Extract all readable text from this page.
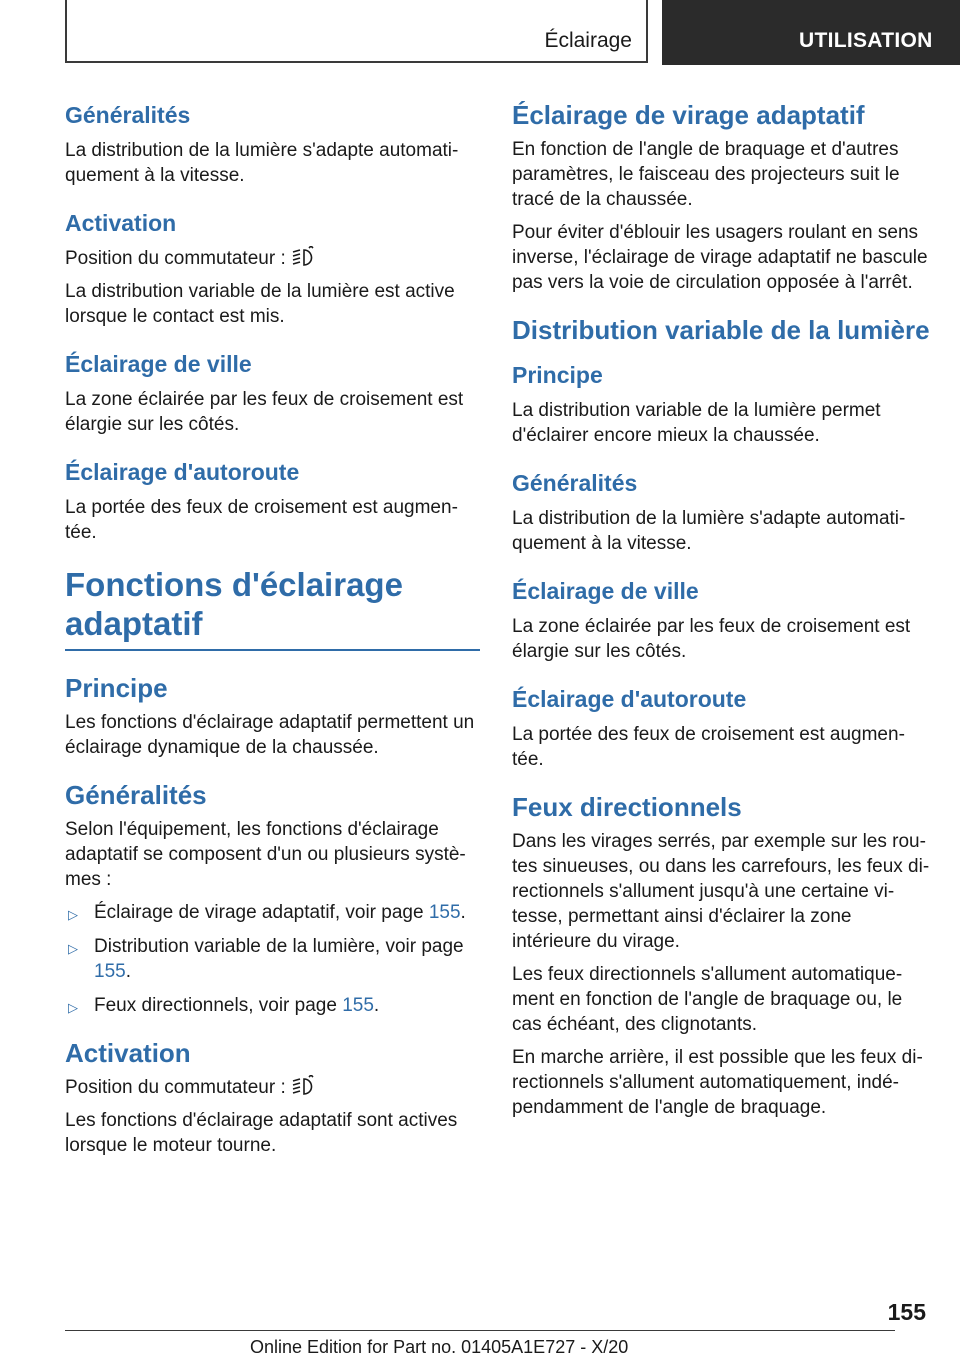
Éclairage	UTILISATION
Généralités

La distribution de la lumière s'adapte automati-quement à la vitesse.

Activation

Position du commutateur :

La distribution variable de la lumière est active lorsque le contact est mis.

Éclairage de ville

La zone éclairée par les feux de croisement est élargie sur les côtés.

Éclairage d'autoroute

La portée des feux de croisement est augmen-tée.

Fonctions d'éclairage adaptatif
Principe

Les fonctions d'éclairage adaptatif permettent un éclairage dynamique de la chaussée.

Généralités

Selon l'équipement, les fonctions d'éclairage adaptatif se composent d'un ou plusieurs systè-mes :

▷ Éclairage de virage adaptatif, voir page 155.
▷ Distribution variable de la lumière, voir page 155.
▷ Feux directionnels, voir page 155.
Activation

Position du commutateur :

Les fonctions d'éclairage adaptatif sont actives lorsque le moteur tourne.

Éclairage de virage adaptatif

En fonction de l'angle de braquage et d'autres paramètres, le faisceau des projecteurs suit le tracé de la chaussée.

Pour éviter d'éblouir les usagers roulant en sens inverse, l'éclairage de virage adaptatif ne bascule pas vers la voie de circulation opposée à l'arrêt.

Distribution variable de la lumière
Principe

La distribution variable de la lumière permet d'éclairer encore mieux la chaussée.

Généralités

La distribution de la lumière s'adapte automati-quement à la vitesse.

Éclairage de ville

La zone éclairée par les feux de croisement est élargie sur les côtés.

Éclairage d'autoroute

La portée des feux de croisement est augmen-tée.

Feux directionnels

Dans les virages serrés, par exemple sur les rou-tes sinueuses, ou dans les carrefours, les feux di-rectionnels s'allument jusqu'à une certaine vi-tesse, permettant ainsi d'éclairer la zone intérieure du virage.

Les feux directionnels s'allument automatique-ment en fonction de l'angle de braquage ou, le cas échéant, des clignotants.

En marche arrière, il est possible que les feux di-rectionnels s'allument automatiquement, indé-pendamment de l'angle de braquage.

155
Online Edition for Part no. 01405A1E727 - X/20
